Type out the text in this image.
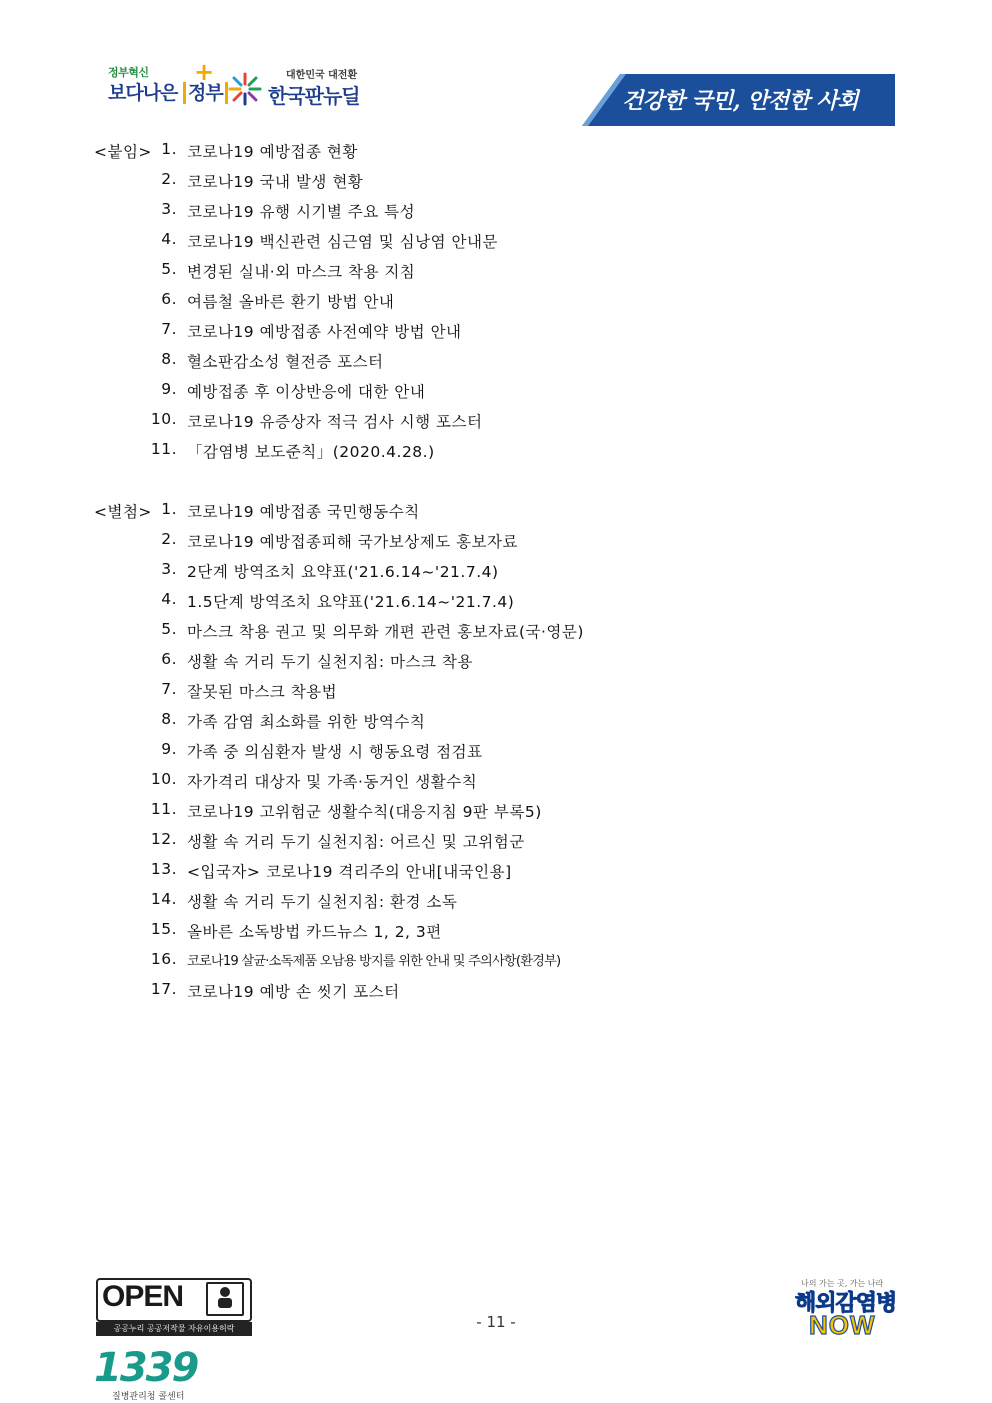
정부혁신
보다나은 정부
+	대한민국 대전환
한국판뉴딜	건강한 국민, 안전한 사회
<붙임> 1. 코로나19 예방접종 현황
2. 코로나19 국내 발생 현황
3. 코로나19 유행 시기별 주요 특성
4. 코로나19 백신관련 심근염 및 심낭염 안내문
5. 변경된 실내·외 마스크 착용 지침
6. 여름철 올바른 환기 방법 안내
7. 코로나19 예방접종 사전예약 방법 안내
8. 혈소판감소성 혈전증 포스터
9. 예방접종 후 이상반응에 대한 안내
10. 코로나19 유증상자 적극 검사 시행 포스터
11. 「감염병 보도준칙」(2020.4.28.)
<별첨> 1. 코로나19 예방접종 국민행동수칙
2. 코로나19 예방접종피해 국가보상제도 홍보자료
3. 2단계 방역조치 요약표('21.6.14~'21.7.4)
4. 1.5단계 방역조치 요약표('21.6.14~'21.7.4)
5. 마스크 착용 권고 및 의무화 개편 관련 홍보자료(국·영문)
6. 생활 속 거리 두기 실천지침: 마스크 착용
7. 잘못된 마스크 착용법
8. 가족 감염 최소화를 위한 방역수칙
9. 가족 중 의심환자 발생 시 행동요령 점검표
10. 자가격리 대상자 및 가족·동거인 생활수칙
11. 코로나19 고위험군 생활수칙(대응지침 9판 부록5)
12. 생활 속 거리 두기 실천지침: 어르신 및 고위험군
13. <입국자> 코로나19 격리주의 안내[내국인용]
14. 생활 속 거리 두기 실천지침: 환경 소독
15. 올바른 소독방법 카드뉴스 1, 2, 3편
16. 코로나19 살균·소독제품 오남용 방지를 위한 안내 및 주의사항(환경부)
17. 코로나19 예방 손 씻기 포스터
- 11 -
OPEN
공공누리 공공저작물 자유이용허락
1339
질병관리청 콜센터
나의 가는 곳, 가는 나라
해외감염병
NOW
